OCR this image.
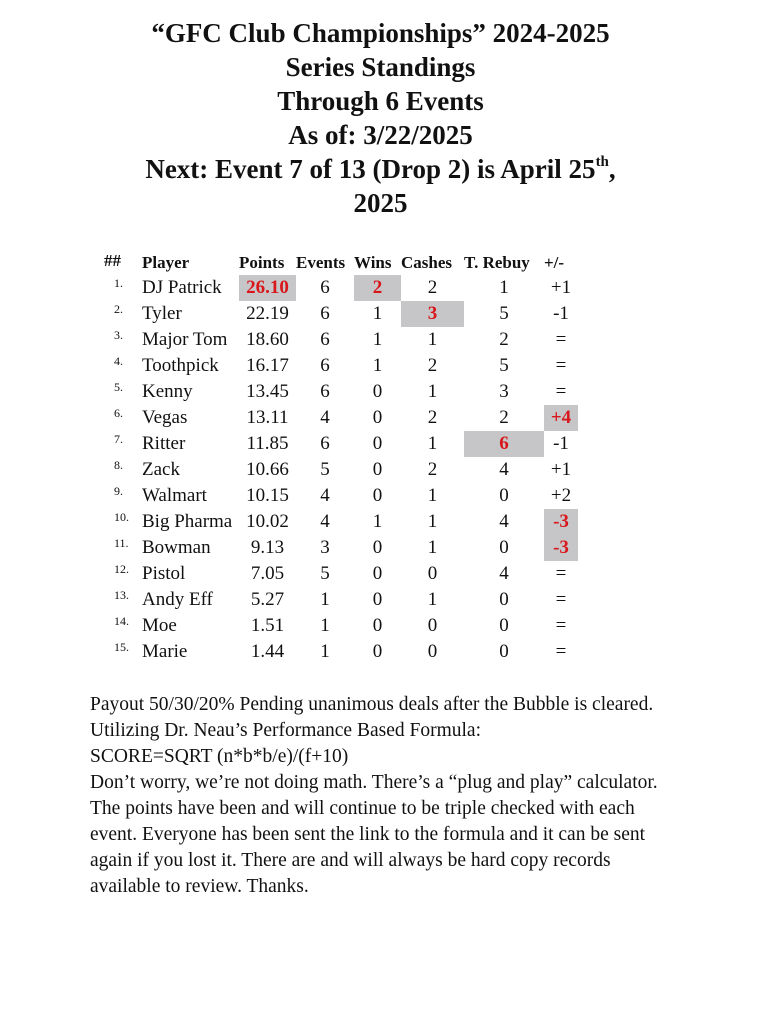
“GFC Club Championships” 2024-2025
Series Standings
Through 6 Events
As of: 3/22/2025
Next: Event 7 of 13 (Drop 2) is April 25th,
2025
##	Player	Points	Events	Wins	Cashes	T. Rebuy	+/-
1.	DJ Patrick	26.10	6	2	2	1	+1
2.	Tyler	22.19	6	1	3	5	-1
3.	Major Tom	18.60	6	1	1	2	=
4.	Toothpick	16.17	6	1	2	5	=
5.	Kenny	13.45	6	0	1	3	=
6.	Vegas	13.11	4	0	2	2	+4
7.	Ritter	11.85	6	0	1	6	-1
8.	Zack	10.66	5	0	2	4	+1
9.	Walmart	10.15	4	0	1	0	+2
10.	Big Pharma	10.02	4	1	1	4	-3
11.	Bowman	9.13	3	0	1	0	-3
12.	Pistol	7.05	5	0	0	4	=
13.	Andy Eff	5.27	1	0	1	0	=
14.	Moe	1.51	1	0	0	0	=
15.	Marie	1.44	1	0	0	0	=

Payout 50/30/20% Pending unanimous deals after the Bubble is cleared.

Utilizing Dr. Neau’s Performance Based Formula:

SCORE=SQRT (n*b*b/e)/(f+10)

Don’t worry, we’re not doing math. There’s a “plug and play” calculator. The points have been and will continue to be triple checked with each event. Everyone has been sent the link to the formula and it can be sent again if you lost it. There are and will always be hard copy records available to review. Thanks.
